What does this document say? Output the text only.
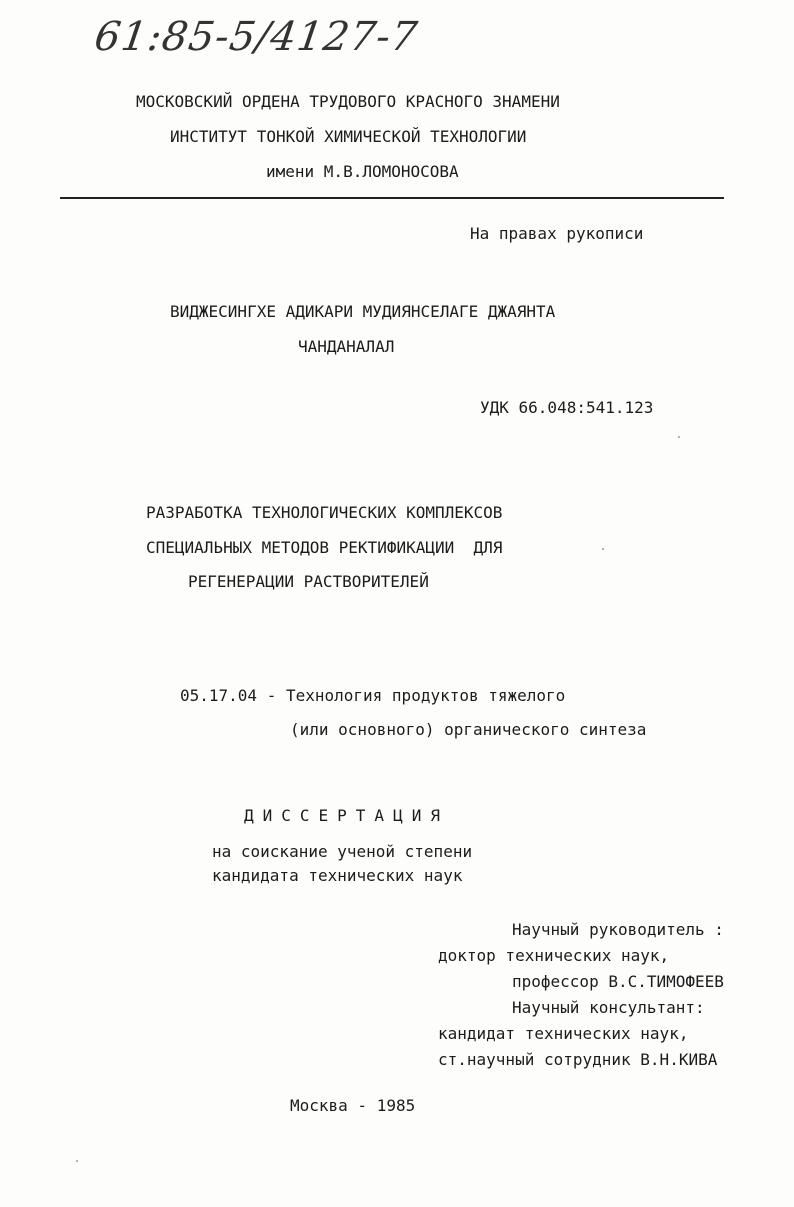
61:85-5/4127-7
МОСКОВСКИЙ ОРДЕНА ТРУДОВОГО КРАСНОГО ЗНАМЕНИ
ИНСТИТУТ ТОНКОЙ ХИМИЧЕСКОЙ ТЕХНОЛОГИИ
имени М.В.ЛОМОНОСОВА
На правах рукописи
ВИДЖЕСИНГХЕ АДИКАРИ МУДИЯНСЕЛАГЕ ДЖАЯНТА
ЧАНДАНАЛАЛ
УДК 66.048:541.123
РАЗРАБОТКА ТЕХНОЛОГИЧЕСКИХ КОМПЛЕКСОВ
СПЕЦИАЛЬНЫХ МЕТОДОВ РЕКТИФИКАЦИИ  ДЛЯ
РЕГЕНЕРАЦИИ РАСТВОРИТЕЛЕЙ
05.17.04 - Технология продуктов тяжелого
(или основного) органического синтеза
ДИССЕРТАЦИЯ
на соискание ученой степени
кандидата технических наук
Научный руководитель :
доктор технических наук,
профессор В.С.ТИМОФЕЕВ
Научный консультант:
кандидат технических наук,
ст.научный сотрудник В.Н.КИВА
Москва - 1985
